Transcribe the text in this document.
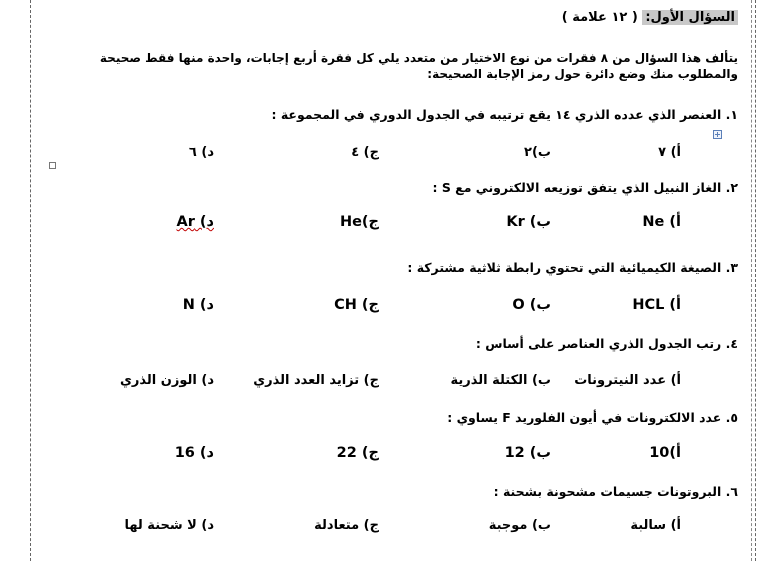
السؤال الأول: ( ١٢ علامة )
يتألف هذا السؤال من ٨ فقرات من نوع الاختيار من متعدد يلي كل فقرة أربع إجابات، واحدة منها فقط صحيحة والمطلوب منك وضع دائرة حول رمز الإجابة الصحيحة:
١. العنصر الذي عدده الذري ١٤ يقع ترتيبه في الجدول الدوري في المجموعة :
أ) ٧
ب)٢
ج) ٤
د) ٦
٢. الغاز النبيل الذي يتفق توزيعه الالكتروني مع S :
أ) Ne
ب) Kr
ج)He
د) Ar
٣. الصيغة الكيميائية التي تحتوي رابطة ثلاثية مشتركة :
أ) HCL
ب) O
ج) CH
د) N
٤. رتب الجدول الذري العناصر على أساس :
أ) عدد النيترونات
ب) الكتلة الذرية
ج) تزايد العدد الذري
د) الوزن الذري
٥. عدد الالكترونات في أيون الفلوريد F يساوي :
أ)10
ب) 12
ج) 22
د) 16
٦. البروتونات جسيمات مشحونة بشحنة :
أ) سالبة
ب) موجبة
ج) متعادلة
د) لا شحنة لها
